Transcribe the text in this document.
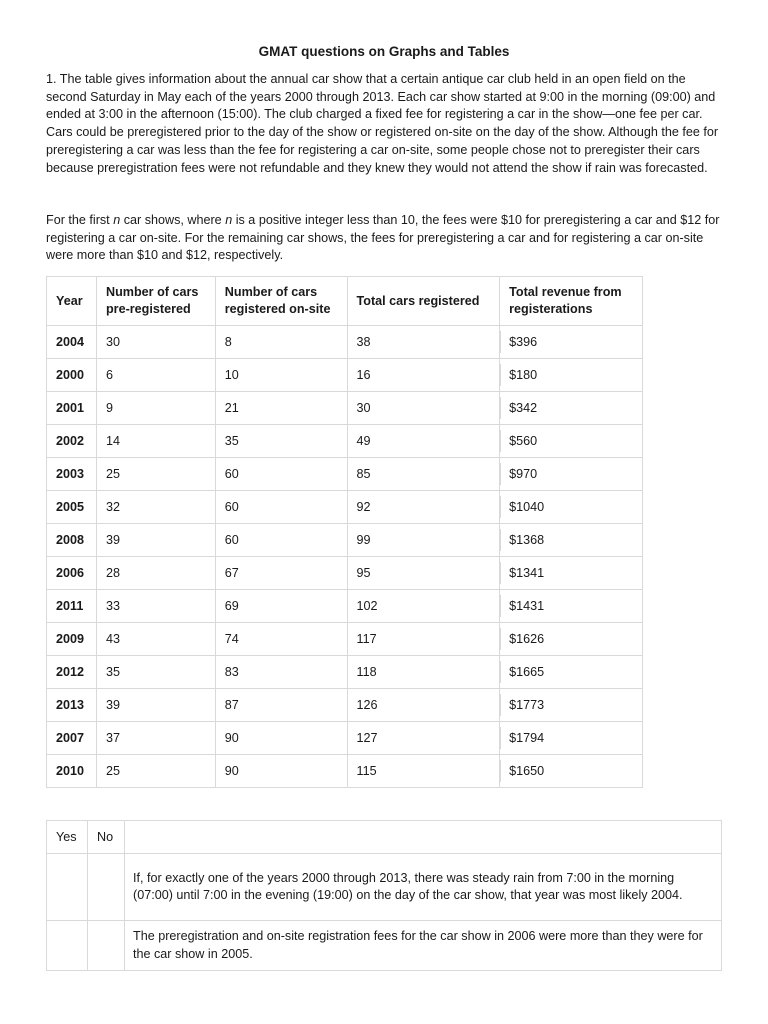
GMAT questions on Graphs and Tables

1. The table gives information about the annual car show that a certain antique car club held in an open field on the second Saturday in May each of the years 2000 through 2013. Each car show started at 9:00 in the morning (09:00) and ended at 3:00 in the afternoon (15:00). The club charged a fixed fee for registering a car in the show—one fee per car. Cars could be preregistered prior to the day of the show or registered on-site on the day of the show. Although the fee for preregistering a car was less than the fee for registering a car on-site, some people chose not to preregister their cars because preregistration fees were not refundable and they knew they would not attend the show if rain was forecasted.

For the first n car shows, where n is a positive integer less than 10, the fees were $10 for preregistering a car and $12 for registering a car on-site. For the remaining car shows, the fees for preregistering a car and for registering a car on-site were more than $10 and $12, respectively.

Year	Number of cars pre-registered	Number of cars registered on-site	Total cars registered	Total revenue from registerations
2004	30	8	38	$396
2000	6	10	16	$180
2001	9	21	30	$342
2002	14	35	49	$560
2003	25	60	85	$970
2005	32	60	92	$1040
2008	39	60	99	$1368
2006	28	67	95	$1341
2011	33	69	102	$1431
2009	43	74	117	$1626
2012	35	83	118	$1665
2013	39	87	126	$1773
2007	37	90	127	$1794
2010	25	90	115	$1650
Yes	No	
		If, for exactly one of the years 2000 through 2013, there was steady rain from 7:00 in the morning (07:00) until 7:00 in the evening (19:00) on the day of the car show, that year was most likely 2004.
		The preregistration and on-site registration fees for the car show in 2006 were more than they were for the car show in 2005.
